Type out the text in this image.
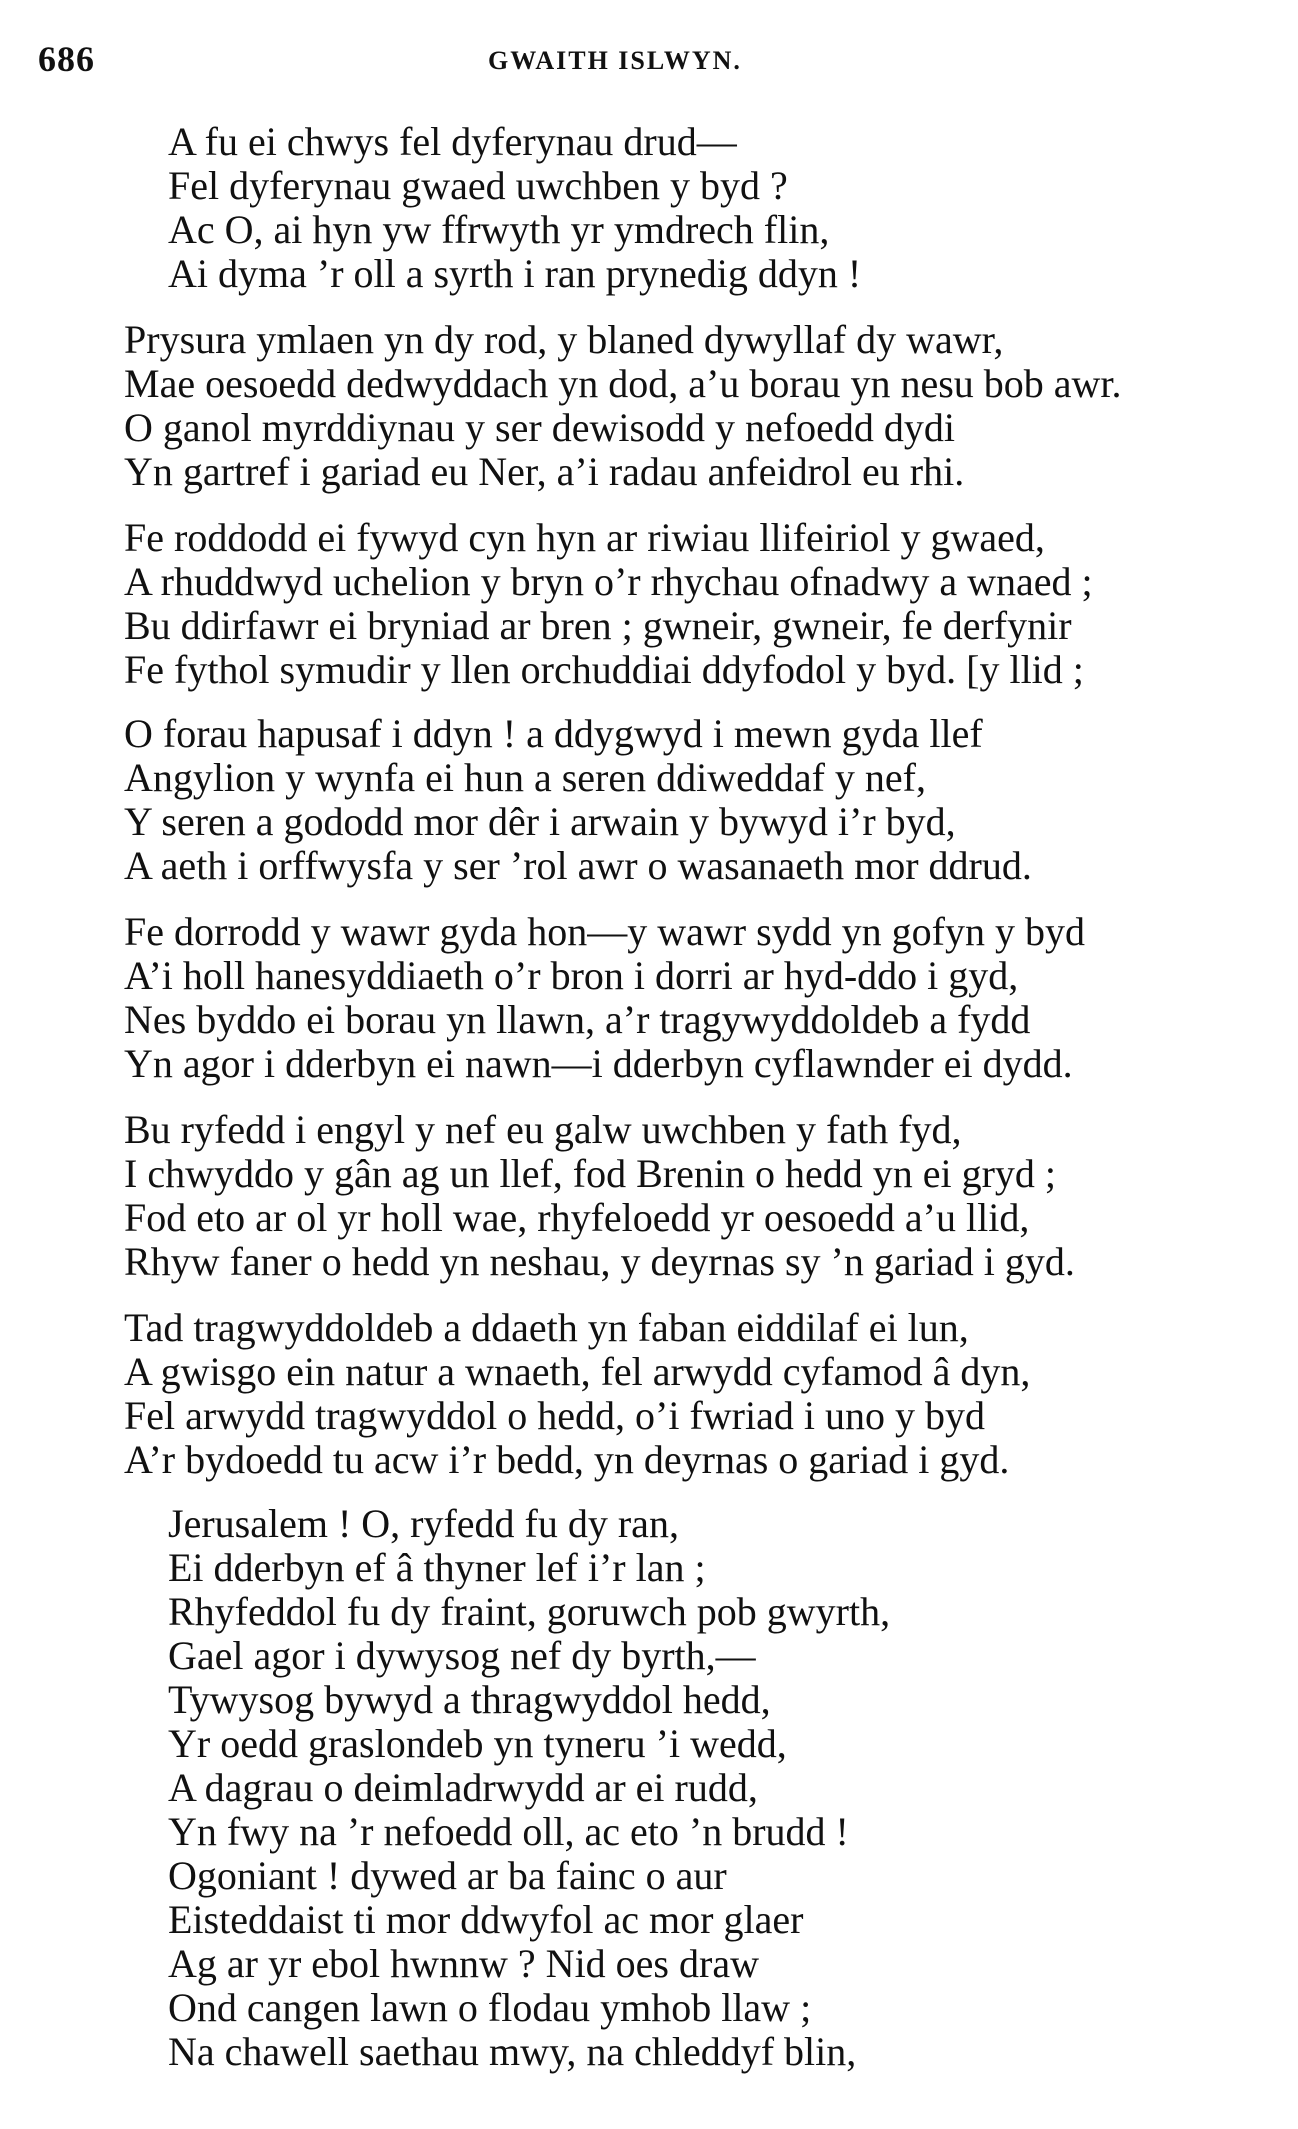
686	GWAITH ISLWYN.
A fu ei chwys fel dyferynau drud—
Fel dyferynau gwaed uwchben y byd ?
Ac O, ai hyn yw ffrwyth yr ymdrech flin,
Ai dyma ’r oll a syrth i ran prynedig ddyn !
Prysura ymlaen yn dy rod, y blaned dywyllaf dy wawr,
Mae oesoedd dedwyddach yn dod, a’u borau yn nesu bob awr.
O ganol myrddiynau y ser dewisodd y nefoedd dydi
Yn gartref i gariad eu Ner, a’i radau anfeidrol eu rhi.
Fe roddodd ei fywyd cyn hyn ar riwiau llifeiriol y gwaed,
A rhuddwyd uchelion y bryn o’r rhychau ofnadwy a wnaed ;
Bu ddirfawr ei bryniad ar bren ; gwneir, gwneir, fe derfynir
Fe fythol symudir y llen orchuddiai ddyfodol y byd. [y llid ;
O forau hapusaf i ddyn ! a ddygwyd i mewn gyda llef
Angylion y wynfa ei hun a seren ddiweddaf y nef,
Y seren a gododd mor dêr i arwain y bywyd i’r byd,
A aeth i orffwysfa y ser ’rol awr o wasanaeth mor ddrud.
Fe dorrodd y wawr gyda hon—y wawr sydd yn gofyn y byd
A’i holl hanesyddiaeth o’r bron i dorri ar hyd-ddo i gyd,
Nes byddo ei borau yn llawn, a’r tragywyddoldeb a fydd
Yn agor i dderbyn ei nawn—i dderbyn cyflawnder ei dydd.
Bu ryfedd i engyl y nef eu galw uwchben y fath fyd,
I chwyddo y gân ag un llef, fod Brenin o hedd yn ei gryd ;
Fod eto ar ol yr holl wae, rhyfeloedd yr oesoedd a’u llid,
Rhyw faner o hedd yn neshau, y deyrnas sy ’n gariad i gyd.
Tad tragwyddoldeb a ddaeth yn faban eiddilaf ei lun,
A gwisgo ein natur a wnaeth, fel arwydd cyfamod â dyn,
Fel arwydd tragwyddol o hedd, o’i fwriad i uno y byd
A’r bydoedd tu acw i’r bedd, yn deyrnas o gariad i gyd.
Jerusalem ! O, ryfedd fu dy ran,
Ei dderbyn ef â thyner lef i’r lan ;
Rhyfeddol fu dy fraint, goruwch pob gwyrth,
Gael agor i dywysog nef dy byrth,—
Tywysog bywyd a thragwyddol hedd,
Yr oedd graslondeb yn tyneru ’i wedd,
A dagrau o deimladrwydd ar ei rudd,
Yn fwy na ’r nefoedd oll, ac eto ’n brudd !
Ogoniant ! dywed ar ba fainc o aur
Eisteddaist ti mor ddwyfol ac mor glaer
Ag ar yr ebol hwnnw ? Nid oes draw
Ond cangen lawn o flodau ymhob llaw ;
Na chawell saethau mwy, na chleddyf blin,
